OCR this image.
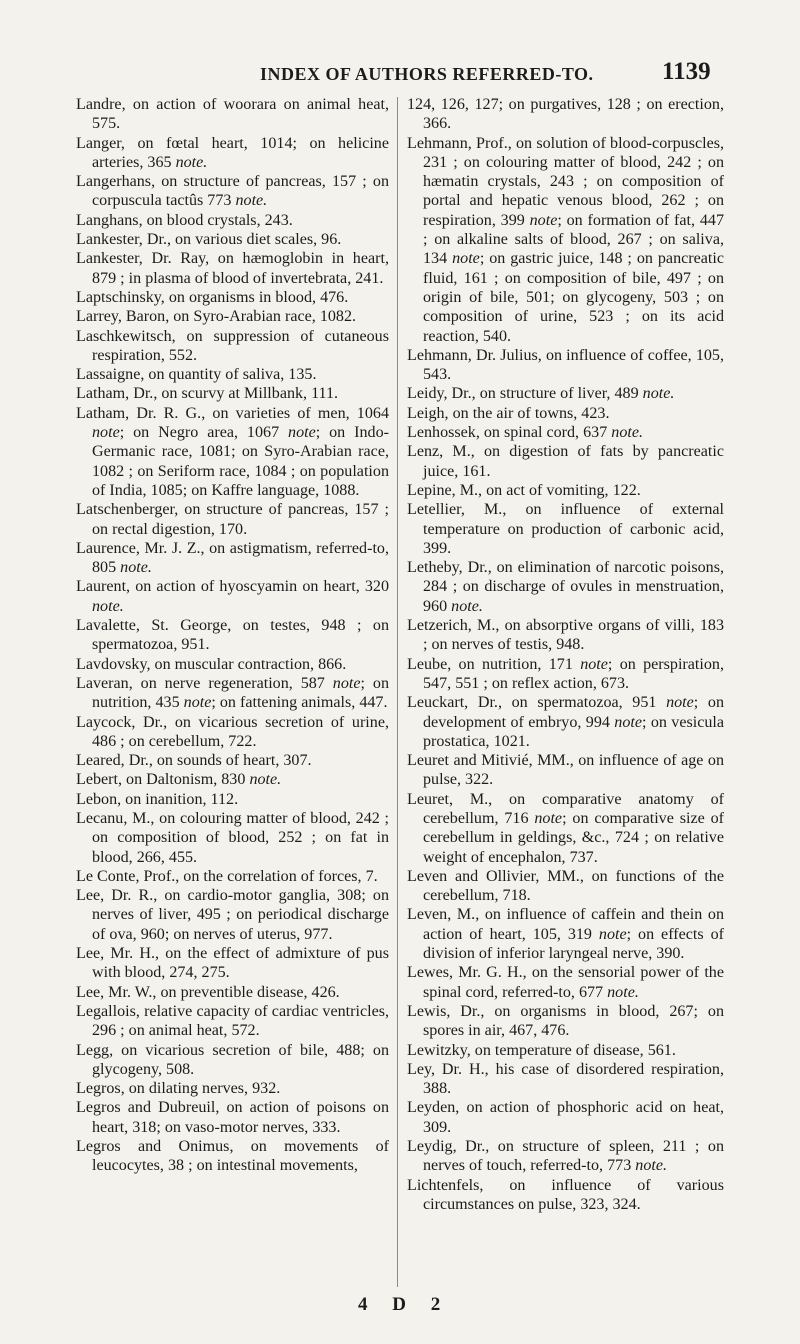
INDEX OF AUTHORS REFERRED-TO.	1139

Landre, on action of woorara on animal heat, 575.

Langer, on fœtal heart, 1014; on helicine arteries, 365 note.

Langerhans, on structure of pancreas, 157 ; on corpuscula tactûs 773 note.

Langhans, on blood crystals, 243.

Lankester, Dr., on various diet scales, 96.

Lankester, Dr. Ray, on hæmoglobin in heart, 879 ; in plasma of blood of invertebrata, 241.

Laptschinsky, on organisms in blood, 476.

Larrey, Baron, on Syro-Arabian race, 1082.

Laschkewitsch, on suppression of cutaneous respiration, 552.

Lassaigne, on quantity of saliva, 135.

Latham, Dr., on scurvy at Millbank, 111.

Latham, Dr. R. G., on varieties of men, 1064 note; on Negro area, 1067 note; on Indo-Germanic race, 1081; on Syro-Arabian race, 1082 ; on Seriform race, 1084 ; on population of India, 1085; on Kaffre language, 1088.

Latschenberger, on structure of pancreas, 157 ; on rectal digestion, 170.

Laurence, Mr. J. Z., on astigmatism, referred-to, 805 note.

Laurent, on action of hyoscyamin on heart, 320 note.

Lavalette, St. George, on testes, 948 ; on spermatozoa, 951.

Lavdovsky, on muscular contraction, 866.

Laveran, on nerve regeneration, 587 note; on nutrition, 435 note; on fattening animals, 447.

Laycock, Dr., on vicarious secretion of urine, 486 ; on cerebellum, 722.

Leared, Dr., on sounds of heart, 307.

Lebert, on Daltonism, 830 note.

Lebon, on inanition, 112.

Lecanu, M., on colouring matter of blood, 242 ; on composition of blood, 252 ; on fat in blood, 266, 455.

Le Conte, Prof., on the correlation of forces, 7.

Lee, Dr. R., on cardio-motor ganglia, 308; on nerves of liver, 495 ; on periodical discharge of ova, 960; on nerves of uterus, 977.

Lee, Mr. H., on the effect of admixture of pus with blood, 274, 275.

Lee, Mr. W., on preventible disease, 426.

Legallois, relative capacity of cardiac ventricles, 296 ; on animal heat, 572.

Legg, on vicarious secretion of bile, 488; on glycogeny, 508.

Legros, on dilating nerves, 932.

Legros and Dubreuil, on action of poisons on heart, 318; on vaso-motor nerves, 333.

Legros and Onimus, on movements of leucocytes, 38 ; on intestinal movements,

124, 126, 127; on purgatives, 128 ; on erection, 366.

Lehmann, Prof., on solution of blood-corpuscles, 231 ; on colouring matter of blood, 242 ; on hæmatin crystals, 243 ; on composition of portal and hepatic venous blood, 262 ; on respiration, 399 note; on formation of fat, 447 ; on alkaline salts of blood, 267 ; on saliva, 134 note; on gastric juice, 148 ; on pancreatic fluid, 161 ; on composition of bile, 497 ; on origin of bile, 501; on glycogeny, 503 ; on composition of urine, 523 ; on its acid reaction, 540.

Lehmann, Dr. Julius, on influence of coffee, 105, 543.

Leidy, Dr., on structure of liver, 489 note.

Leigh, on the air of towns, 423.

Lenhossek, on spinal cord, 637 note.

Lenz, M., on digestion of fats by pancreatic juice, 161.

Lepine, M., on act of vomiting, 122.

Letellier, M., on influence of external temperature on production of carbonic acid, 399.

Letheby, Dr., on elimination of narcotic poisons, 284 ; on discharge of ovules in menstruation, 960 note.

Letzerich, M., on absorptive organs of villi, 183 ; on nerves of testis, 948.

Leube, on nutrition, 171 note; on perspiration, 547, 551 ; on reflex action, 673.

Leuckart, Dr., on spermatozoa, 951 note; on development of embryo, 994 note; on vesicula prostatica, 1021.

Leuret and Mitivié, MM., on influence of age on pulse, 322.

Leuret, M., on comparative anatomy of cerebellum, 716 note; on comparative size of cerebellum in geldings, &c., 724 ; on relative weight of encephalon, 737.

Leven and Ollivier, MM., on functions of the cerebellum, 718.

Leven, M., on influence of caffein and thein on action of heart, 105, 319 note; on effects of division of inferior laryngeal nerve, 390.

Lewes, Mr. G. H., on the sensorial power of the spinal cord, referred-to, 677 note.

Lewis, Dr., on organisms in blood, 267; on spores in air, 467, 476.

Lewitzky, on temperature of disease, 561.

Ley, Dr. H., his case of disordered respiration, 388.

Leyden, on action of phosphoric acid on heat, 309.

Leydig, Dr., on structure of spleen, 211 ; on nerves of touch, referred-to, 773 note.

Lichtenfels, on influence of various circumstances on pulse, 323, 324.

4 D 2
